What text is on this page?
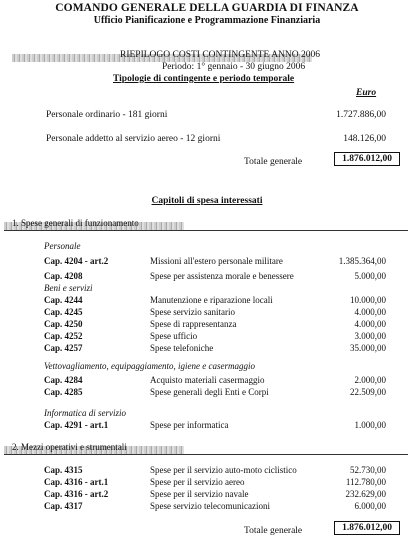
COMANDO GENERALE DELLA GUARDIA DI FINANZA
Ufficio Pianificazione e Programmazione Finanziaria
RIEPILOGO COSTI CONTINGENTE ANNO 2006
Periodo: 1° gennaio - 30 giugno 2006
Tipologie di contingente e periodo temporale
Euro
Personale ordinario - 181 giorni	1.727.886,00
Personale addetto al servizio aereo - 12 giorni	148.126,00
Totale generale	1.876.012,00
Capitoli di spesa interessati
1. Spese generali di funzionamento
Personale
Cap. 4204 - art.2	Missioni all'estero personale militare	1.385.364,00
Cap. 4208	Spese per assistenza morale e benessere	5.000,00
Beni e servizi
Cap. 4244	Manutenzione e riparazione locali	10.000,00
Cap. 4245	Spese servizio sanitario	4.000,00
Cap. 4250	Spese di rappresentanza	4.000,00
Cap. 4252	Spese ufficio	3.000,00
Cap. 4257	Spese telefoniche	35.000,00
Vettovagliamento, equipaggiamento, igiene e casermaggio
Cap. 4284	Acquisto materiali casermaggio	2.000,00
Cap. 4285	Spese generali degli Enti e Corpi	22.509,00
Informatica di servizio
Cap. 4291 - art.1	Spese per informatica	1.000,00
2. Mezzi operativi e strumentali
Cap. 4315	Spese per il servizio auto-moto ciclistico	52.730,00
Cap. 4316 - art.1	Spese per il servizio aereo	112.780,00
Cap. 4316 - art.2	Spese per il servizio navale	232.629,00
Cap. 4317	Spese servizio telecomunicazioni	6.000,00
Totale generale	1.876.012,00
